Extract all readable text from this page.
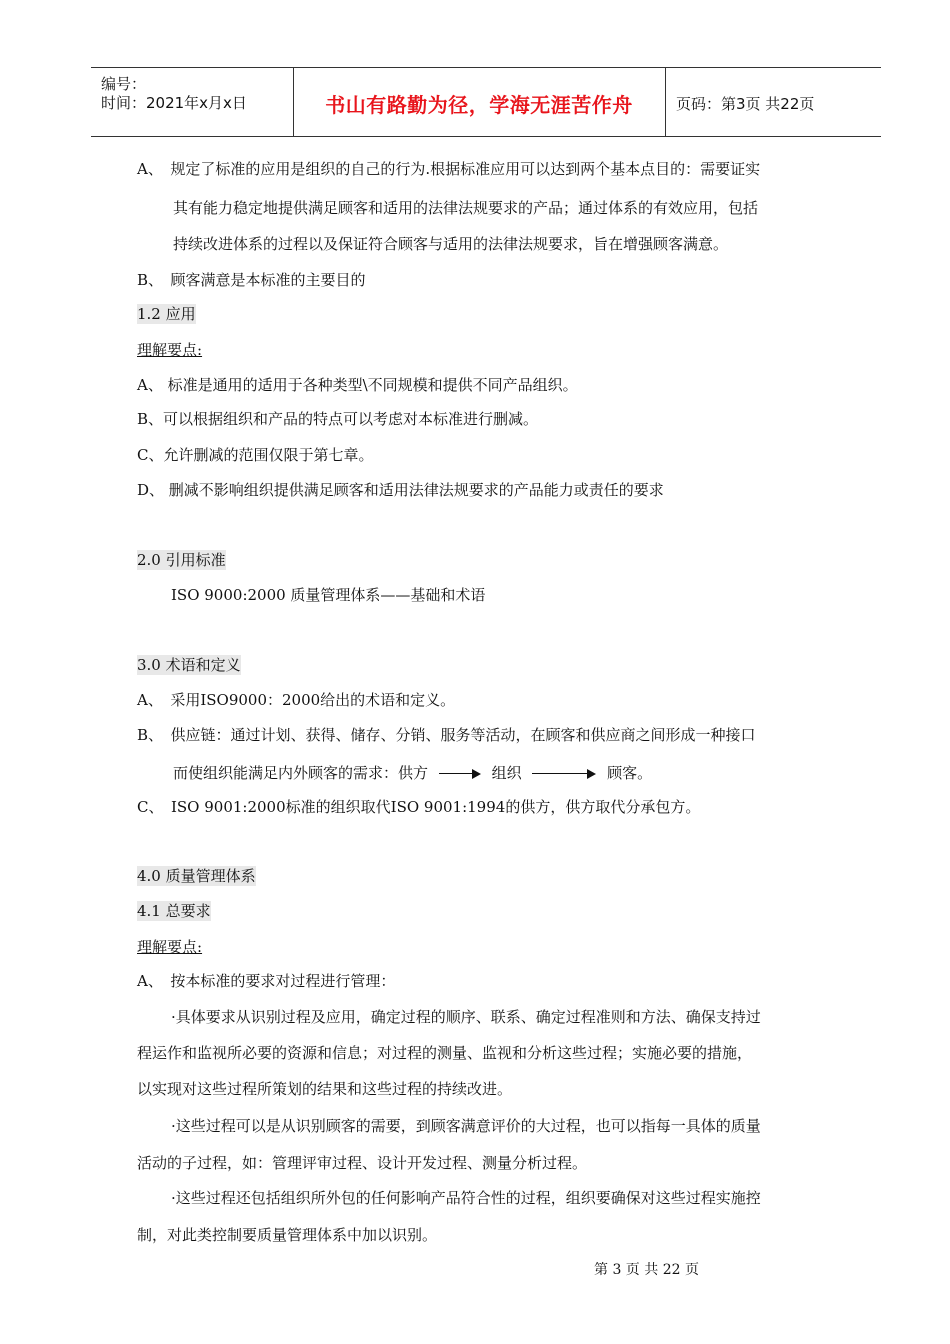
编号：
时间：2021年x月x日	书山有路勤为径，学海无涯苦作舟	页码：第3页 共22页
A、　规定了标准的应用是组织的自己的行为.根据标准应用可以达到两个基本点目的：需要证实
其有能力稳定地提供满足顾客和适用的法律法规要求的产品；通过体系的有效应用，包括
持续改进体系的过程以及保证符合顾客与适用的法律法规要求，旨在增强顾客满意。
B、　顾客满意是本标准的主要目的
1.2 应用
理解要点:
A、 标准是通用的适用于各种类型\不同规模和提供不同产品组织。
B、可以根据组织和产品的特点可以考虑对本标准进行删减。
C、允许删减的范围仅限于第七章。
D、 删减不影响组织提供满足顾客和适用法律法规要求的产品能力或责任的要求
2.0 引用标准
ISO 9000:2000 质量管理体系——基础和术语
3.0 术语和定义
A、　采用ISO9000：2000给出的术语和定义。
B、　供应链：通过计划、获得、储存、分销、服务等活动，在顾客和供应商之间形成一种接口
而使组织能满足内外顾客的需求：供方	组织	顾客。
C、　ISO 9001:2000标准的组织取代ISO 9001:1994的供方，供方取代分承包方。
4.0 质量管理体系
4.1 总要求
理解要点:
A、　按本标准的要求对过程进行管理：
·具体要求从识别过程及应用，确定过程的顺序、联系、确定过程准则和方法、确保支持过
程运作和监视所必要的资源和信息；对过程的测量、监视和分析这些过程；实施必要的措施，
以实现对这些过程所策划的结果和这些过程的持续改进。
·这些过程可以是从识别顾客的需要，到顾客满意评价的大过程，也可以指每一具体的质量
活动的子过程，如：管理评审过程、设计开发过程、测量分析过程。
·这些过程还包括组织所外包的任何影响产品符合性的过程，组织要确保对这些过程实施控
制，对此类控制要质量管理体系中加以识别。
第 3 页 共 22 页
